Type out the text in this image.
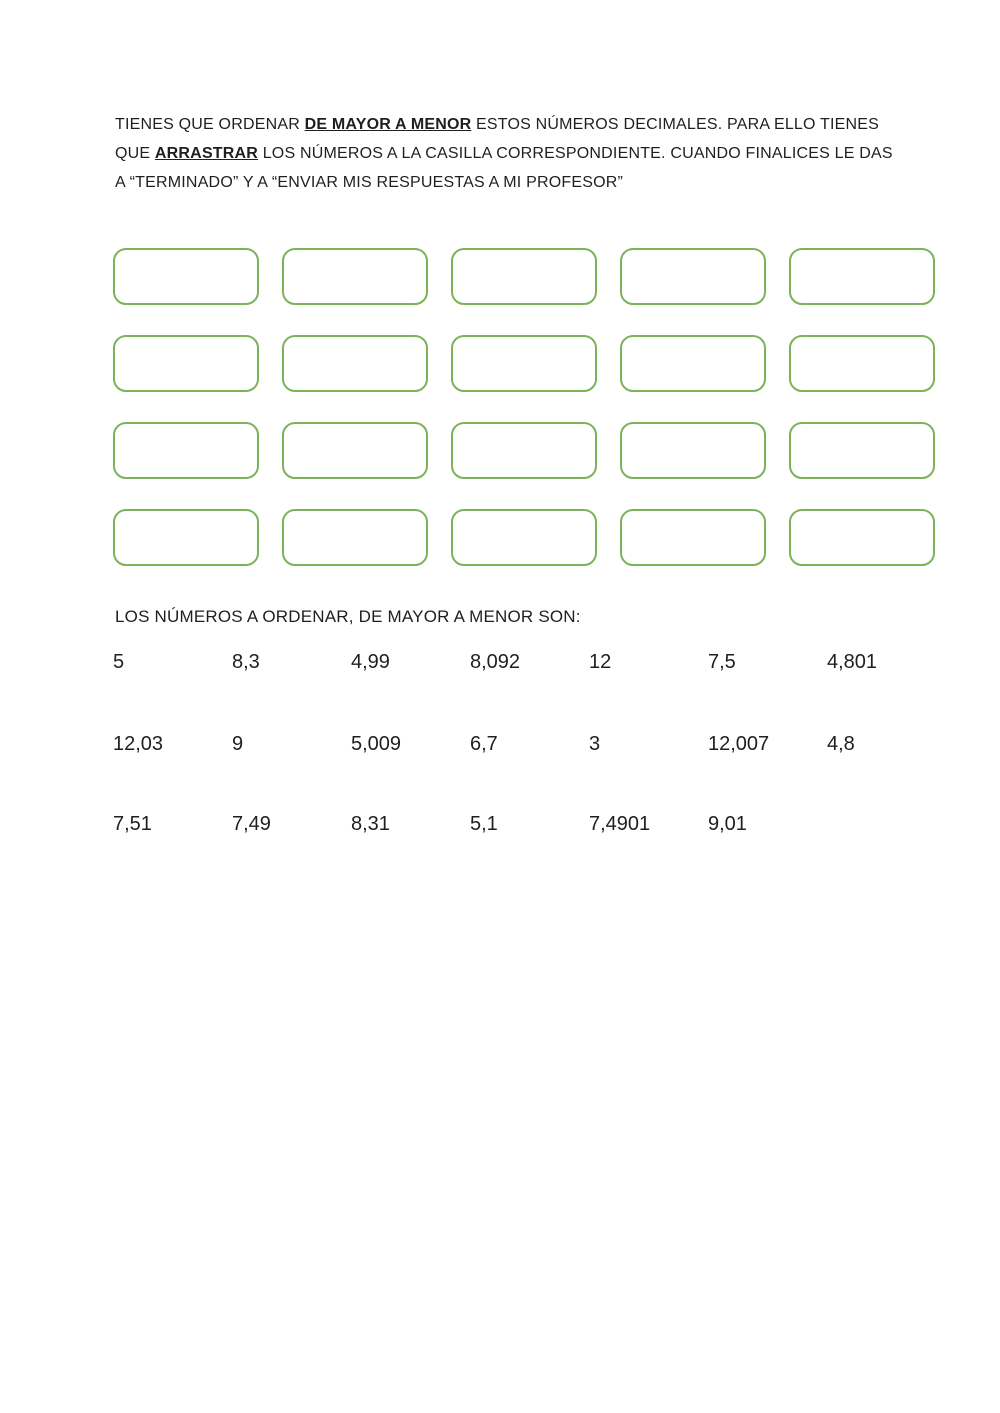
TIENES QUE ORDENAR DE MAYOR A MENOR ESTOS NÚMEROS DECIMALES. PARA ELLO TIENES
QUE ARRASTRAR LOS NÚMEROS A LA CASILLA CORRESPONDIENTE. CUANDO FINALICES LE DAS
A “TERMINADO” Y A “ENVIAR MIS RESPUESTAS A MI PROFESOR”
LOS NÚMEROS A ORDENAR, DE MAYOR A MENOR SON:
5	8,3	4,99	8,092	12	7,5	4,801
12,03	9	5,009	6,7	3	12,007	4,8
7,51	7,49	8,31	5,1	7,4901	9,01
